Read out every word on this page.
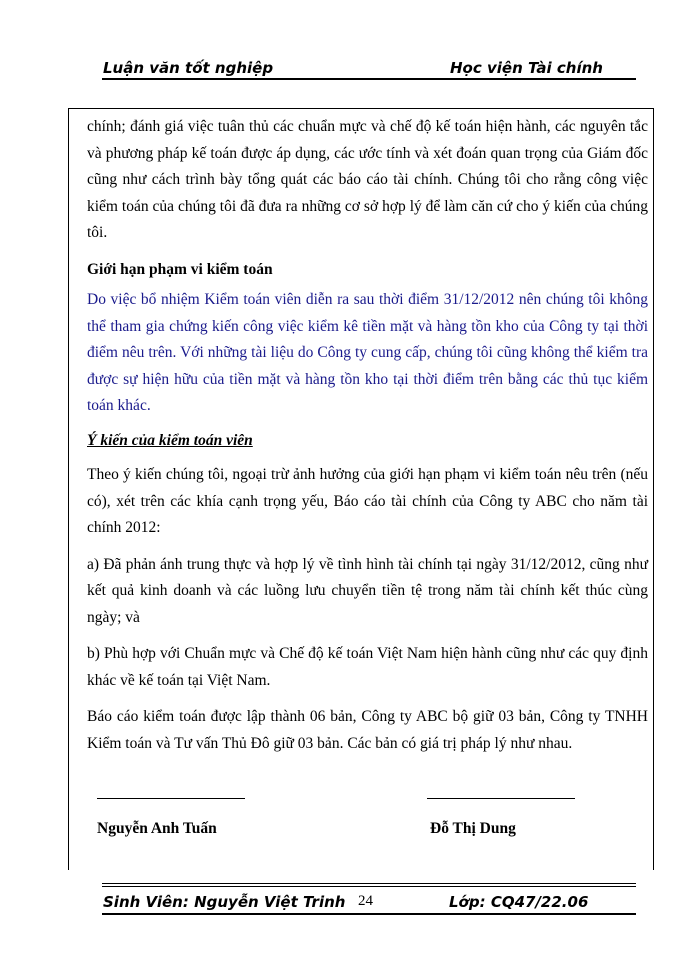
Luận văn tốt nghiệp	Học viện Tài chính

chính; đánh giá việc tuân thủ các chuẩn mực và chế độ kế toán hiện hành, các nguyên tắc và phương pháp kế toán được áp dụng, các ước tính và xét đoán quan trọng của Giám đốc cũng như cách trình bày tổng quát các báo cáo tài chính. Chúng tôi cho rằng công việc kiểm toán của chúng tôi đã đưa ra những cơ sở hợp lý để làm căn cứ cho ý kiến của chúng tôi.

Giới hạn phạm vi kiểm toán

Do việc bổ nhiệm Kiểm toán viên diễn ra sau thời điểm 31/12/2012 nên chúng tôi không thể tham gia chứng kiến công việc kiểm kê tiền mặt và hàng tồn kho của Công ty tại thời điểm nêu trên. Với những tài liệu do Công ty cung cấp, chúng tôi cũng không thể kiểm tra được sự hiện hữu của tiền mặt và hàng tồn kho tại thời điểm trên bằng các thủ tục kiểm toán khác.

Ý kiến của kiểm toán viên

Theo ý kiến chúng tôi, ngoại trừ ảnh hưởng của giới hạn phạm vi kiểm toán nêu trên (nếu có), xét trên các khía cạnh trọng yếu, Báo cáo tài chính của Công ty ABC cho năm tài chính 2012:

a) Đã phản ánh trung thực và hợp lý về tình hình tài chính tại ngày 31/12/2012, cũng như kết quả kinh doanh và các luồng lưu chuyển tiền tệ trong năm tài chính kết thúc cùng ngày; và

b) Phù hợp với Chuẩn mực và Chế độ kế toán Việt Nam hiện hành cũng như các quy định khác về kế toán tại Việt Nam.

Báo cáo kiểm toán được lập thành 06 bản, Công ty ABC bộ giữ 03 bản, Công ty TNHH Kiểm toán và Tư vấn Thủ Đô giữ 03 bản. Các bản có giá trị pháp lý như nhau.

Nguyễn Anh Tuấn	Đỗ Thị Dung
Sinh Viên: Nguyễn Việt Trinh 24	Lớp: CQ47/22.06
